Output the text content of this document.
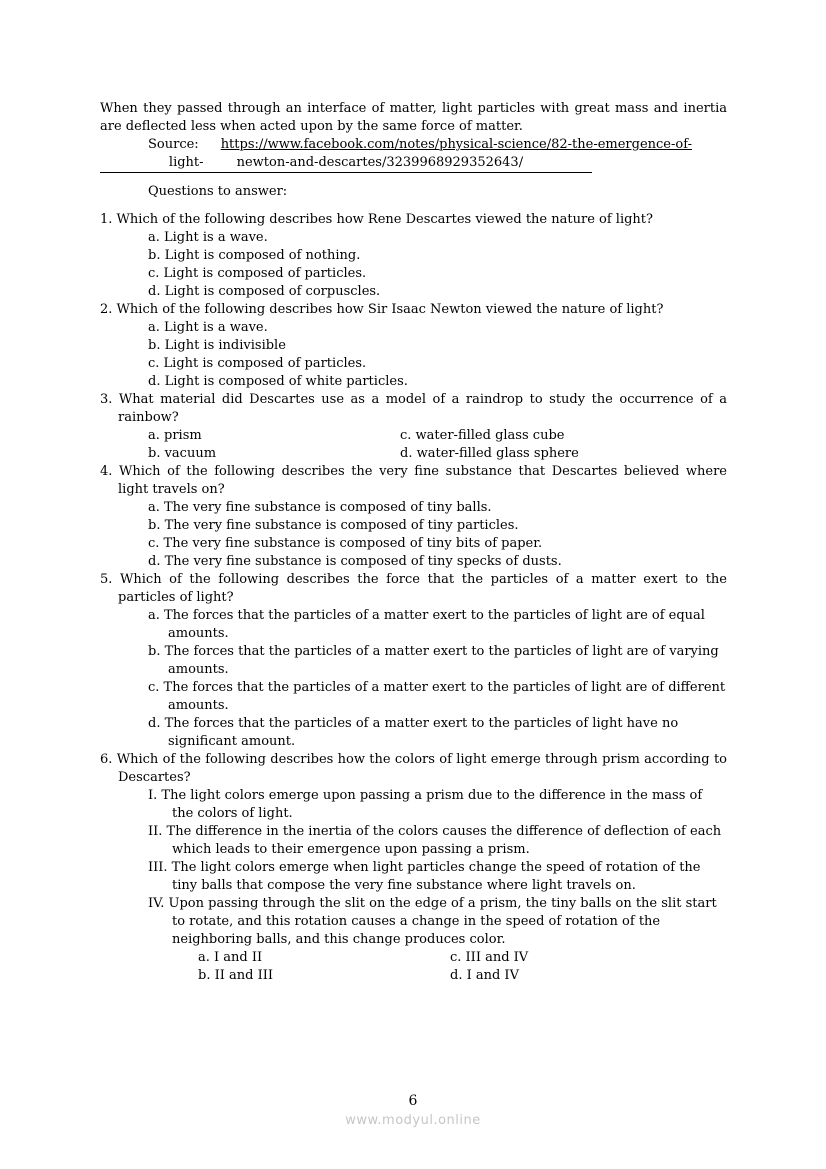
When they passed through an interface of matter, light particles with great mass and inertia are deflected less when acted upon by the same force of matter.

Source: https://www.facebook.com/notes/physical-science/82-the-emergence-of-
light-        newton-and-descartes/3239968929352643/

Questions to answer:

1. Which of the following describes how Rene Descartes viewed the nature of light?

a. Light is a wave.

b. Light is composed of nothing.

c. Light is composed of particles.

d. Light is composed of corpuscles.

2. Which of the following describes how Sir Isaac Newton viewed the nature of light?

a. Light is a wave.

b. Light is indivisible

c. Light is composed of particles.

d. Light is composed of white particles.

3. What material did Descartes use as a model of a raindrop to study the occurrence of a rainbow?

a. prism	c. water-filled glass cube
b. vacuum	d. water-filled glass sphere

4. Which of the following describes the very fine substance that Descartes believed where light travels on?

a. The very fine substance is composed of tiny balls.

b. The very fine substance is composed of tiny particles.

c. The very fine substance is composed of tiny bits of paper.

d. The very fine substance is composed of tiny specks of dusts.

5. Which of the following describes the force that the particles of a matter exert to the particles of light?

a. The forces that the particles of a matter exert to the particles of light are of equal amounts.

b. The forces that the particles of a matter exert to the particles of light are of varying amounts.

c. The forces that the particles of a matter exert to the particles of light are of different amounts.

d. The forces that the particles of a matter exert to the particles of light have no significant amount.

6. Which of the following describes how the colors of light emerge through prism according to Descartes?

I. The light colors emerge upon passing a prism due to the difference in the mass of the colors of light.

II. The difference in the inertia of the colors causes the difference of deflection of each which leads to their emergence upon passing a prism.

III. The light colors emerge when light particles change the speed of rotation of the tiny balls that compose the very fine substance where light travels on.

IV. Upon passing through the slit on the edge of a prism, the tiny balls on the slit start to rotate, and this rotation causes a change in the speed of rotation of the neighboring balls, and this change produces color.

a. I and II	c. III and IV
b. II and III	d. I and IV
6
www.modyul.online
